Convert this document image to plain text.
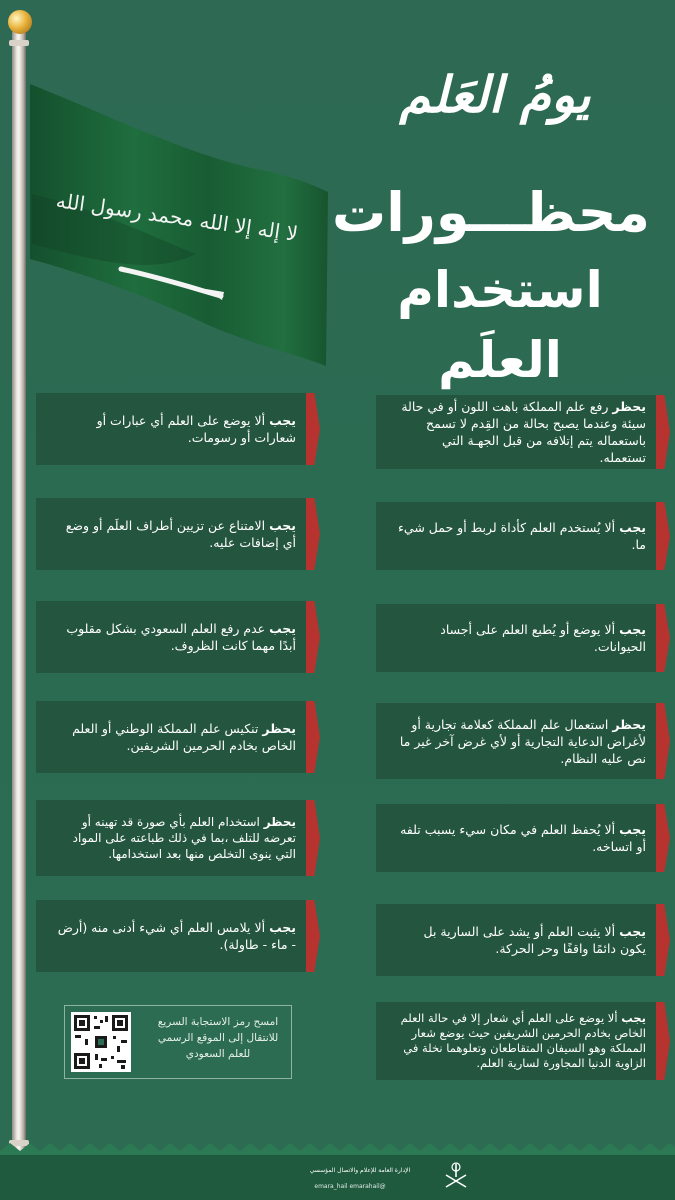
لا إله إلا الله محمد رسول الله
يومُ العَلم
محظـــورات
استخدام العلَم
يحظر رفع علم المملكة باهت اللون أو في حالة سيئة وعندما يصبح بحالة من القِدم لا تسمح باستعماله يتم إتلافه من قبل الجهـة التي تستعمله.
يجب ألا يُستخدم العلم كأداة لربط أو حمل شيء ما.
يجب ألا يوضع أو يُطبع العلم على أجساد الحيوانات.
يحظر استعمال علم المملكة كعلامة تجارية أو لأغراض الدعاية التجارية أو لأي غرض آخر غير ما نص عليه النظام.
يجب ألا يُحفظ العلم في مكان سيء يسبب تلفه أو اتساخه.
يجب ألا يثبت العلم أو يشد على السارية بل يكون دائمًا واقفًا وحر الحركة.
يجب ألا يوضع على العلم أي شعار إلا في حالة العلم الخاص بخادم الحرمين الشريفين حيث يوضع شعار المملكة وهو السيفان المتقاطعان وتعلوهما نخلة في الزاوية الدنيا المجاورة لسارية العلم.
يجب ألا يوضع على العلم أي عبارات أو شعارات أو رسومات.
يجب الامتناع عن تزيين أطراف العلَم أو وضع أي إضافات عليه.
يجب عدم رفع العلم السعودي بشكل مقلوب أبدًا مهما كانت الظروف.
يحظر تنكيس علم المملكة الوطني أو العلم الخاص بخادم الحرمين الشريفين.
يحظر استخدام العلم بأي صورة قد تهينه أو تعرضه للتلف ،بما في ذلك طباعته على المواد التي ينوى التخلص منها بعد استخدامها.
يجب ألا يلامس العلم أي شيء أدنى منه (أرض - ماء - طاولة).
امسح رمز الاستجابة السريع للانتقال إلى الموقع الرسمي للعلم السعودي
الإدارة العامة للإعلام والاتصال المؤسسي
@emara_hail emarahail
